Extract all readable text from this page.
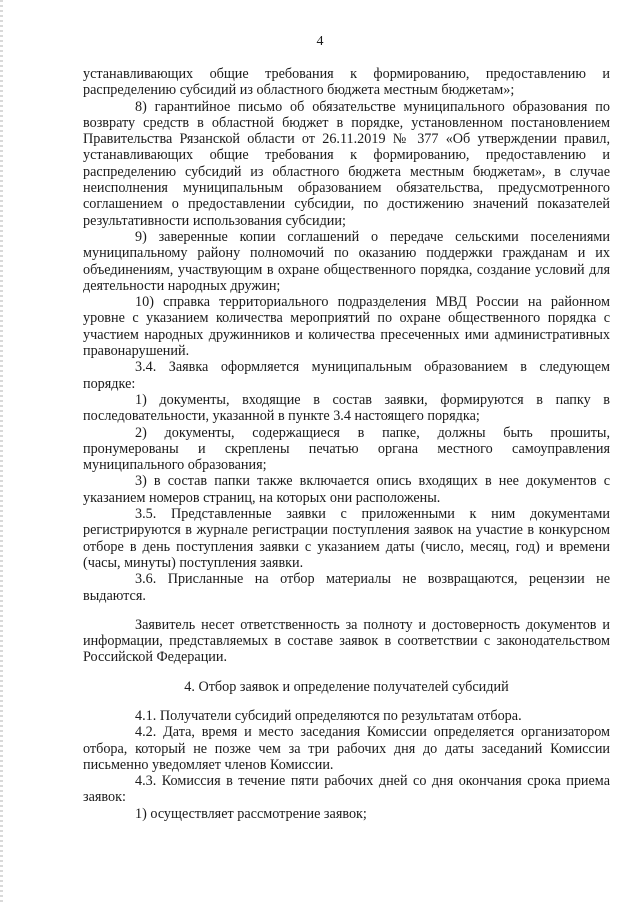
4

устанавливающих общие требования к формированию, предоставлению и распределению субсидий из областного бюджета местным бюджетам»;

8) гарантийное письмо об обязательстве муниципального образования по возврату средств в областной бюджет в порядке, установленном постановлением Правительства Рязанской области от 26.11.2019 № 377 «Об утверждении правил, устанавливающих общие требования к формированию, предоставлению и распределению субсидий из областного бюджета местным бюджетам», в случае неисполнения муниципальным образованием обязательства, предусмотренного соглашением о предоставлении субсидии, по достижению значений показателей результативности использования субсидии;

9) заверенные копии соглашений о передаче сельскими поселениями муниципальному району полномочий по оказанию поддержки гражданам и их объединениям, участвующим в охране общественного порядка, создание условий для деятельности народных дружин;

10) справка территориального подразделения МВД России на районном уровне с указанием количества мероприятий по охране общественного порядка с участием народных дружинников и количества пресеченных ими административных правонарушений.

3.4. Заявка оформляется муниципальным образованием в следующем порядке:

1) документы, входящие в состав заявки, формируются в папку в последовательности, указанной в пункте 3.4 настоящего порядка;

2) документы, содержащиеся в папке, должны быть прошиты, пронумерованы и скреплены печатью органа местного самоуправления муниципального образования;

3) в состав папки также включается опись входящих в нее документов с указанием номеров страниц, на которых они расположены.

3.5. Представленные заявки с приложенными к ним документами регистрируются в журнале регистрации поступления заявок на участие в конкурсном отборе в день поступления заявки с указанием даты (число, месяц, год) и времени (часы, минуты) поступления заявки.

3.6. Присланные на отбор материалы не возвращаются, рецензии не выдаются.

Заявитель несет ответственность за полноту и достоверность документов и информации, представляемых в составе заявок в соответствии с законодательством Российской Федерации.

4. Отбор заявок и определение получателей субсидий

4.1. Получатели субсидий определяются по результатам отбора.

4.2. Дата, время и место заседания Комиссии определяется организатором отбора, который не позже чем за три рабочих дня до даты заседаний Комиссии письменно уведомляет членов Комиссии.

4.3. Комиссия в течение пяти рабочих дней со дня окончания срока приема заявок:

1) осуществляет рассмотрение заявок;
